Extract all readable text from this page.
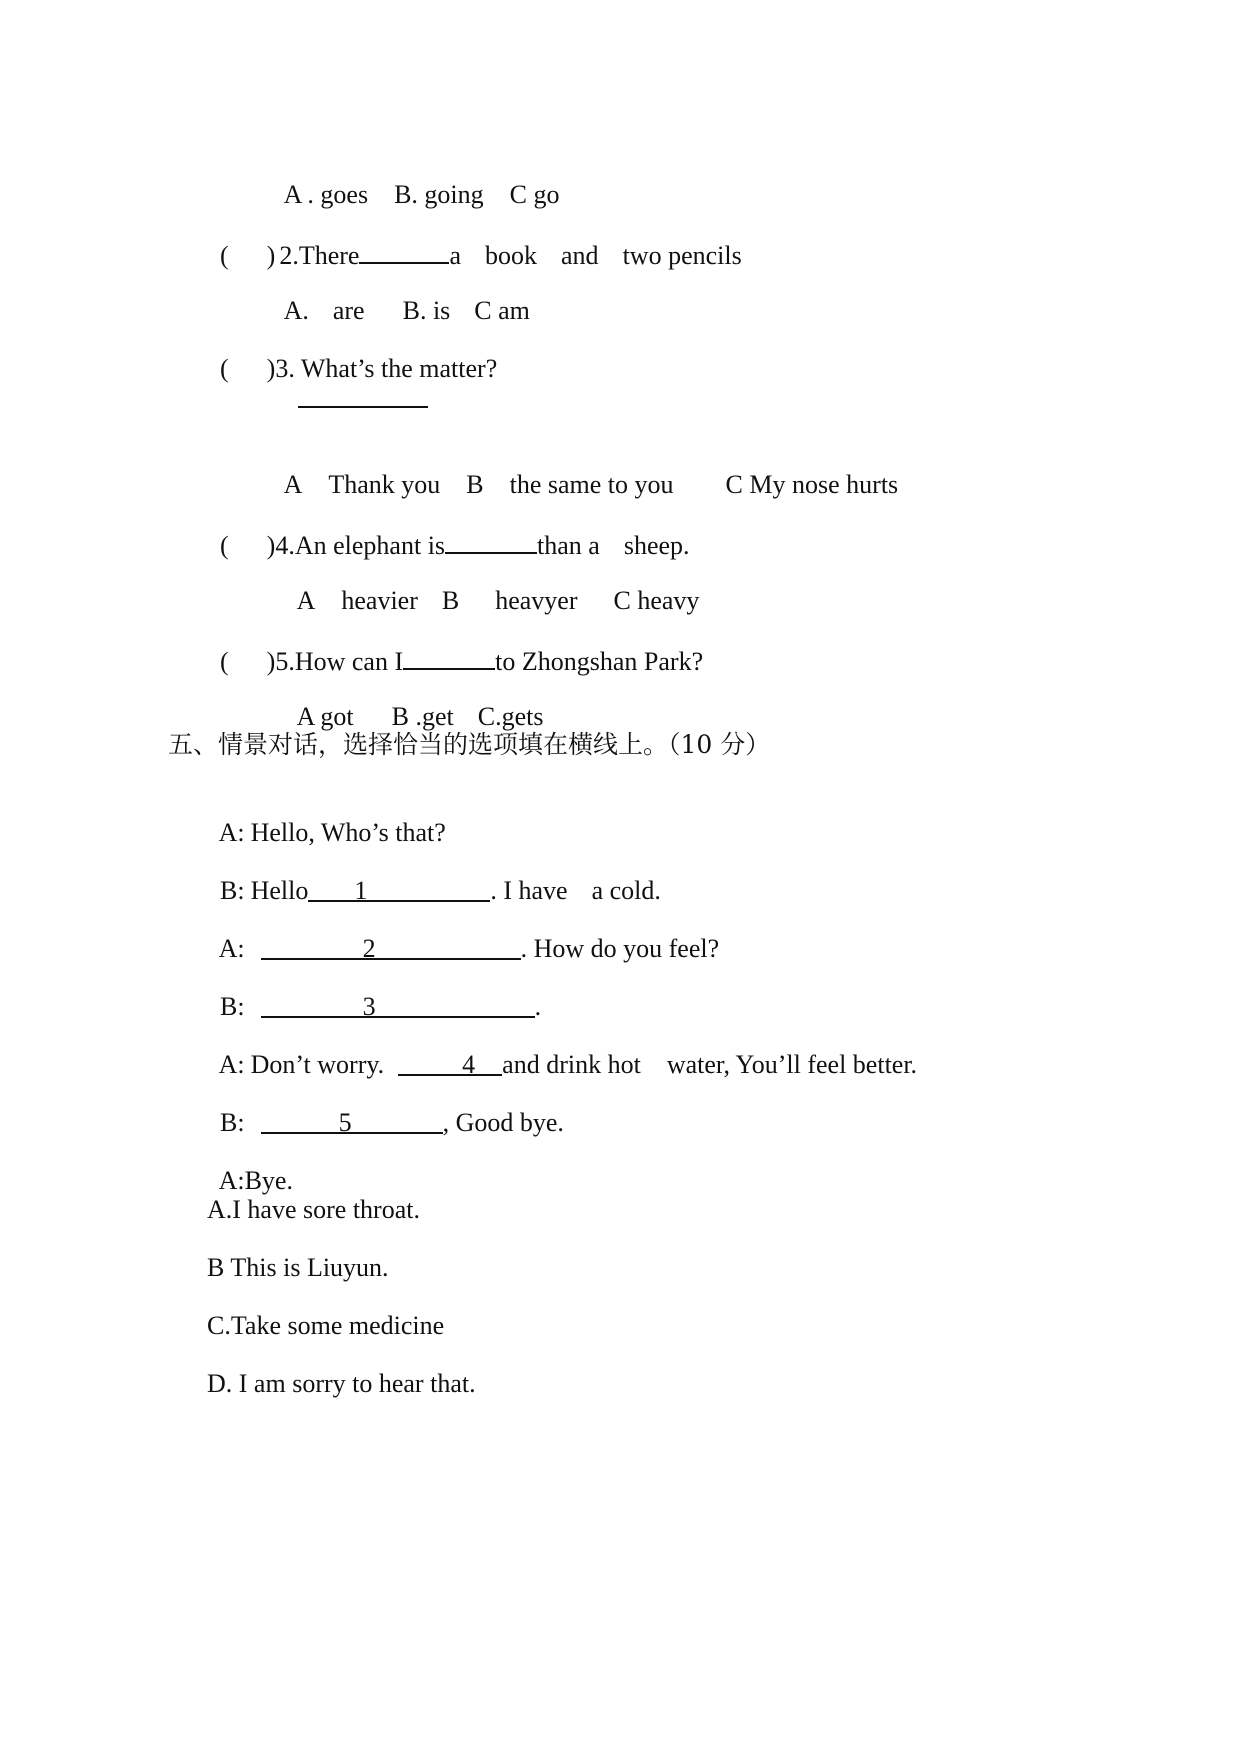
A . goes B. going C go

( ) 2.There	a book and two pencils

A. are B. is C am

( )3. What’s the matter?

A Thank you B the same to you C My nose hurts

( )4.An elephant is	than a sheep.

A heavier B heavyer C heavy

( )5.How can I	to Zhongshan Park?

A got B .get C.gets

五、情景对话，选择恰当的选项填在横线上。（10 分）

A: Hello, Who’s that?

B: Hello 1	. I have a cold.

A:	2	. How do you feel?

B:	3	.

A: Don’t worry.	4 and drink hot water, You’ll feel better.

B:	5	, Good bye.

A:Bye.

A.I have sore throat.
B This is Liuyun.
C.Take some medicine
D. I am sorry to hear that.
